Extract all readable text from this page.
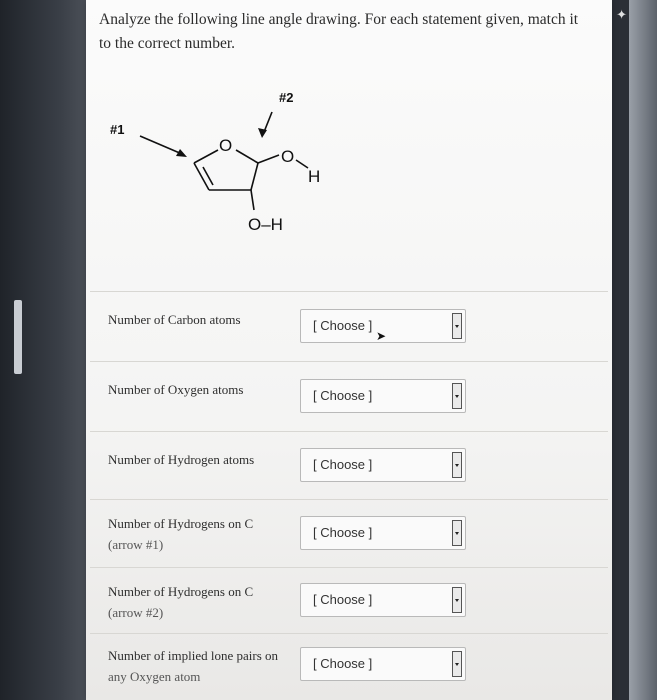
✦
Analyze the following line angle drawing. For each statement given, match it to the correct number.
#1
#2
O
O
H
O–H
Number of Carbon atoms	[ Choose ]
➤
Number of Oxygen atoms	[ Choose ]
Number of Hydrogen atoms	[ Choose ]
Number of Hydrogens on C
(arrow #1)
[ Choose ]
Number of Hydrogens on C
(arrow #2)
[ Choose ]
Number of implied lone pairs on
any Oxygen atom
[ Choose ]
